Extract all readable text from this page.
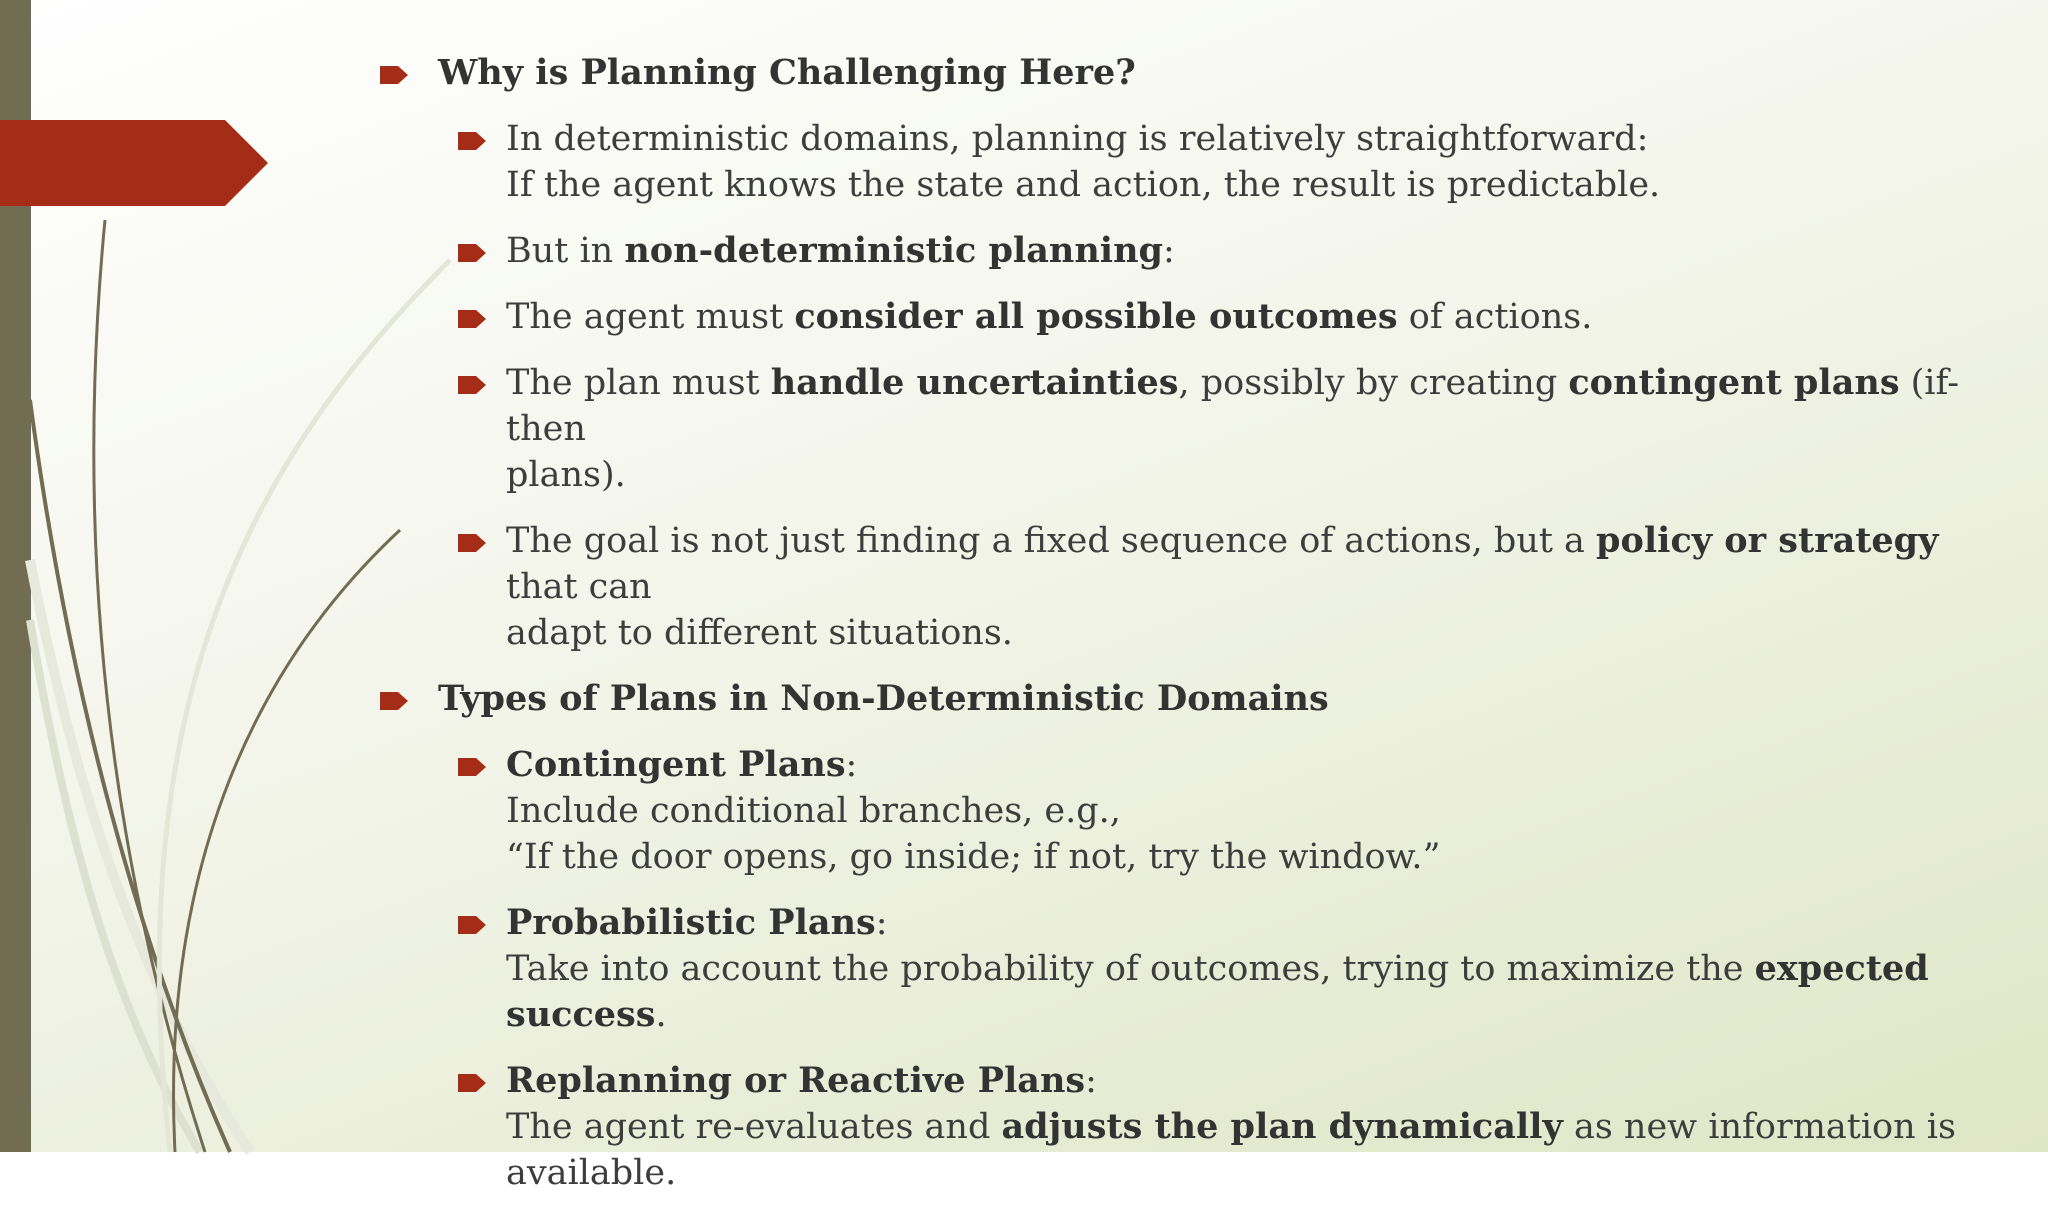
Why is Planning Challenging Here?
In deterministic domains, planning is relatively straightforward:
If the agent knows the state and action, the result is predictable.
But in non-deterministic planning:
The agent must consider all possible outcomes of actions.
The plan must handle uncertainties, possibly by creating contingent plans (if-then
plans).
The goal is not just finding a fixed sequence of actions, but a policy or strategy that can
adapt to different situations.
Types of Plans in Non-Deterministic Domains
Contingent Plans:
Include conditional branches, e.g.,
“If the door opens, go inside; if not, try the window.”
Probabilistic Plans:
Take into account the probability of outcomes, trying to maximize the expected success.
Replanning or Reactive Plans:
The agent re-evaluates and adjusts the plan dynamically as new information is available.
